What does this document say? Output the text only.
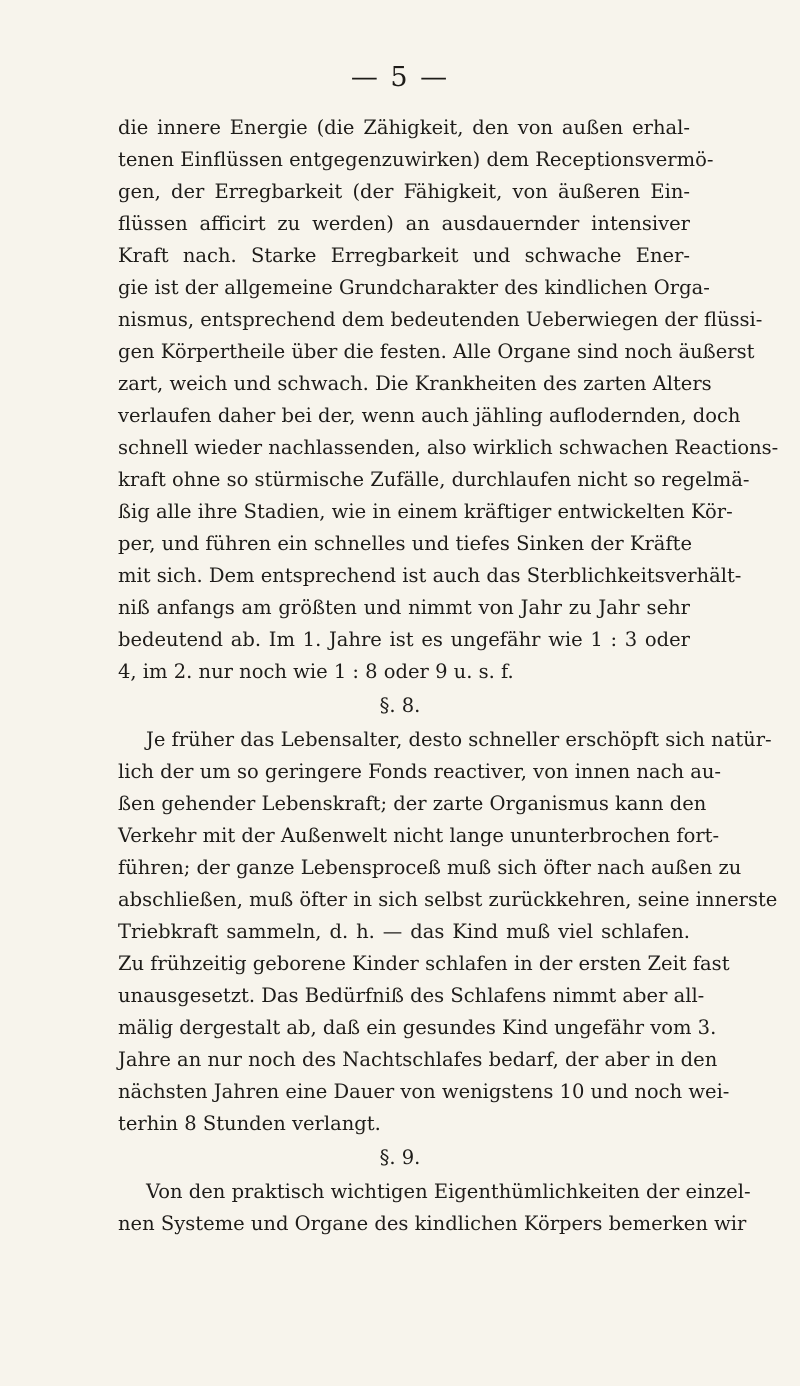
— 5 —
die innere Energie (die Zähigkeit, den von außen erhal-
tenen Einflüssen entgegenzuwirken) dem Receptionsvermö-
gen, der Erregbarkeit (der Fähigkeit, von äußeren Ein-
flüssen afficirt zu werden) an ausdauernder intensiver
Kraft nach. Starke Erregbarkeit und schwache Ener-
gie ist der allgemeine Grundcharakter des kindlichen Orga-
nismus, entsprechend dem bedeutenden Ueberwiegen der flüssi-
gen Körpertheile über die festen. Alle Organe sind noch äußerst
zart, weich und schwach. Die Krankheiten des zarten Alters
verlaufen daher bei der, wenn auch jähling auflodernden, doch
schnell wieder nachlassenden, also wirklich schwachen Reactions-
kraft ohne so stürmische Zufälle, durchlaufen nicht so regelmä-
ßig alle ihre Stadien, wie in einem kräftiger entwickelten Kör-
per, und führen ein schnelles und tiefes Sinken der Kräfte
mit sich. Dem entsprechend ist auch das Sterblichkeitsverhält-
niß anfangs am größten und nimmt von Jahr zu Jahr sehr
bedeutend ab. Im 1. Jahre ist es ungefähr wie 1 : 3 oder
4, im 2. nur noch wie 1 : 8 oder 9 u. s. f.
§. 8.
Je früher das Lebensalter, desto schneller erschöpft sich natür-
lich der um so geringere Fonds reactiver, von innen nach au-
ßen gehender Lebenskraft; der zarte Organismus kann den
Verkehr mit der Außenwelt nicht lange ununterbrochen fort-
führen; der ganze Lebensproceß muß sich öfter nach außen zu
abschließen, muß öfter in sich selbst zurückkehren, seine innerste
Triebkraft sammeln, d. h. — das Kind muß viel schlafen.
Zu frühzeitig geborene Kinder schlafen in der ersten Zeit fast
unausgesetzt. Das Bedürfniß des Schlafens nimmt aber all-
mälig dergestalt ab, daß ein gesundes Kind ungefähr vom 3.
Jahre an nur noch des Nachtschlafes bedarf, der aber in den
nächsten Jahren eine Dauer von wenigstens 10 und noch wei-
terhin 8 Stunden verlangt.
§. 9.
Von den praktisch wichtigen Eigenthümlichkeiten der einzel-
nen Systeme und Organe des kindlichen Körpers bemerken wir
